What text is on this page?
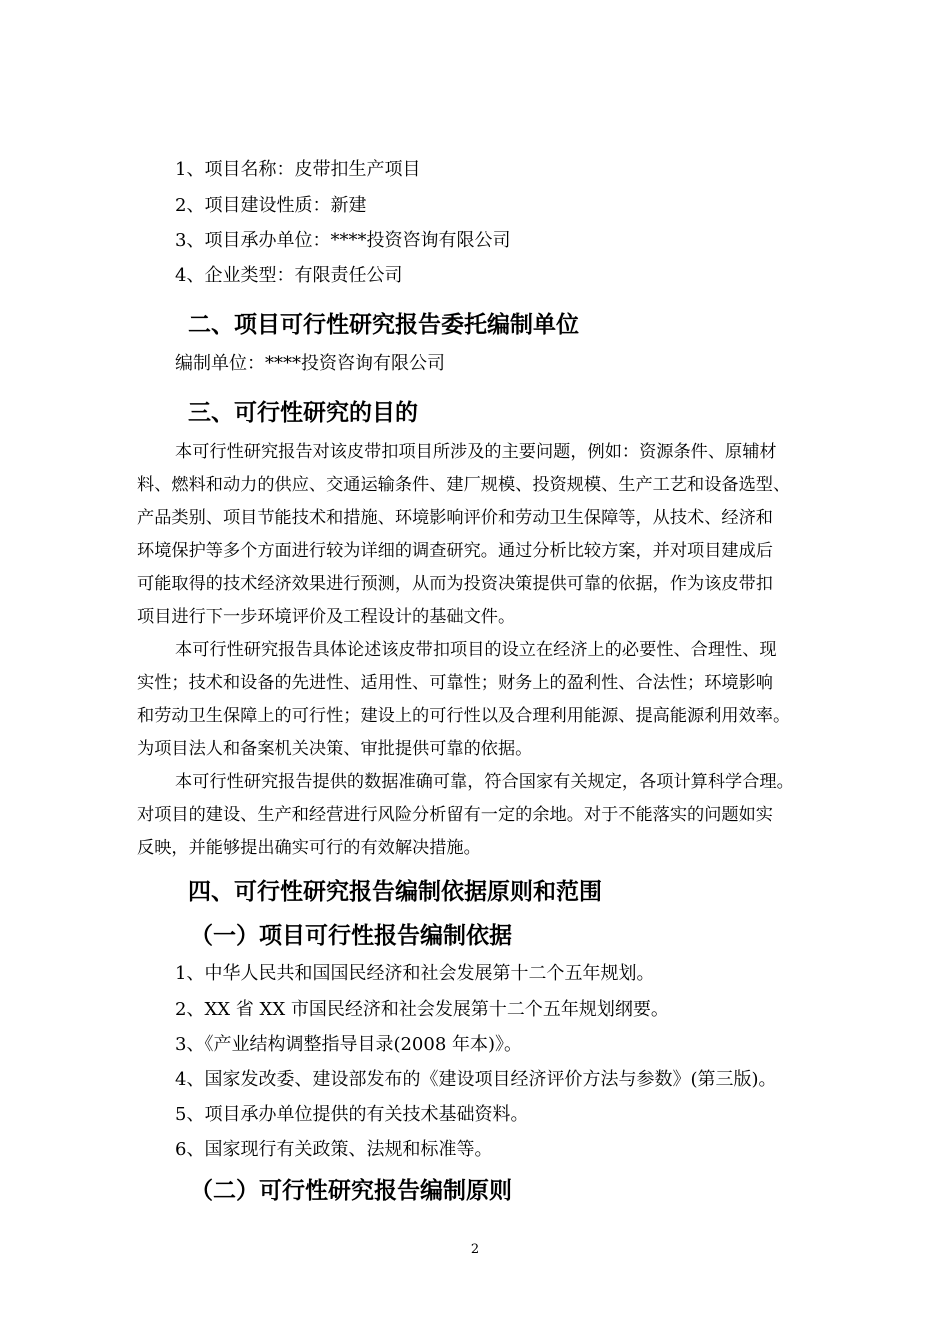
1、项目名称：皮带扣生产项目
2、项目建设性质：新建
3、项目承办单位：****投资咨询有限公司
4、企业类型：有限责任公司
二、项目可行性研究报告委托编制单位
编制单位：****投资咨询有限公司
三、可行性研究的目的
本可行性研究报告对该皮带扣项目所涉及的主要问题，例如：资源条件、原辅材
料、燃料和动力的供应、交通运输条件、建厂规模、投资规模、生产工艺和设备选型、
产品类别、项目节能技术和措施、环境影响评价和劳动卫生保障等，从技术、经济和
环境保护等多个方面进行较为详细的调查研究。通过分析比较方案，并对项目建成后
可能取得的技术经济效果进行预测，从而为投资决策提供可靠的依据，作为该皮带扣
项目进行下一步环境评价及工程设计的基础文件。
本可行性研究报告具体论述该皮带扣项目的设立在经济上的必要性、合理性、现
实性；技术和设备的先进性、适用性、可靠性；财务上的盈利性、合法性；环境影响
和劳动卫生保障上的可行性；建设上的可行性以及合理利用能源、提高能源利用效率。
为项目法人和备案机关决策、审批提供可靠的依据。
本可行性研究报告提供的数据准确可靠，符合国家有关规定，各项计算科学合理。
对项目的建设、生产和经营进行风险分析留有一定的余地。对于不能落实的问题如实
反映，并能够提出确实可行的有效解决措施。
四、可行性研究报告编制依据原则和范围
（一）项目可行性报告编制依据
1、中华人民共和国国民经济和社会发展第十二个五年规划。
2、XX 省 XX 市国民经济和社会发展第十二个五年规划纲要。
3、《产业结构调整指导目录(2008 年本)》。
4、国家发改委、建设部发布的《建设项目经济评价方法与参数》(第三版)。
5、项目承办单位提供的有关技术基础资料。
6、国家现行有关政策、法规和标准等。
（二）可行性研究报告编制原则
2
